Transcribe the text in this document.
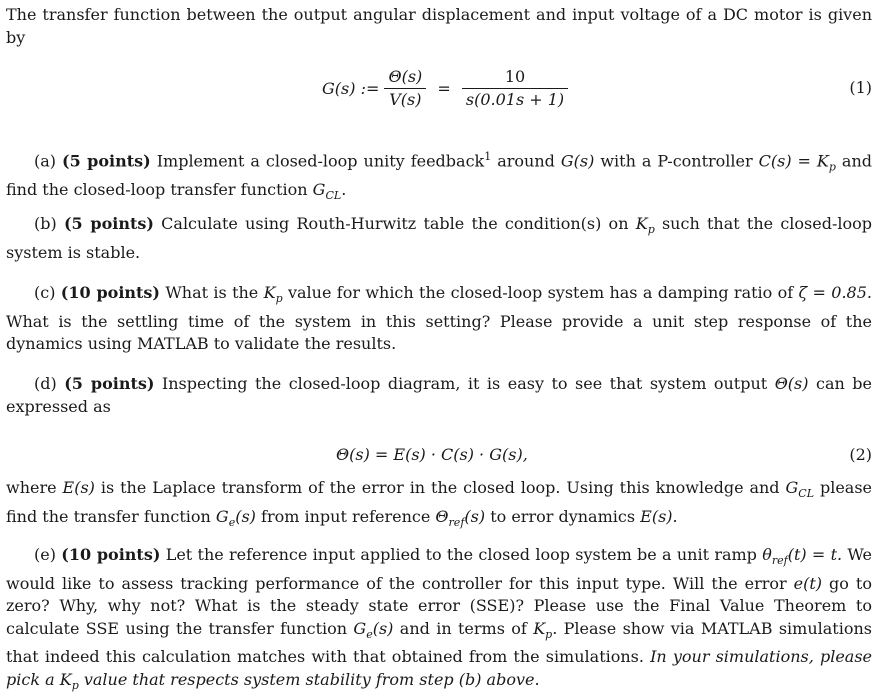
The transfer function between the output angular displacement and input voltage of a DC motor is given by

G(s) := $\frac{\Theta(s)}{V(s)} = \frac{10}{s(0.01s + 1)}$	(1)

(a) (5 points) Implement a closed-loop unity feedback$^1$ around G(s) with a P-controller $C(s) = K_p$ and find the closed-loop transfer function $G_{CL}$.

(b) (5 points) Calculate using Routh-Hurwitz table the condition(s) on $K_p$ such that the closed-loop system is stable.

(c) (10 points) What is the $K_p$ value for which the closed-loop system has a damping ratio of ζ = 0.85. What is the settling time of the system in this setting? Please provide a unit step response of the dynamics using MATLAB to validate the results.

(d) (5 points) Inspecting the closed-loop diagram, it is easy to see that system output Θ(s) can be expressed as

Θ(s) = E(s) · C(s) · G(s),	(2)

where E(s) is the Laplace transform of the error in the closed loop. Using this knowledge and $G_{CL}$ please find the transfer function $G_e(s)$ from input reference $\Theta_{ref}(s)$ to error dynamics E(s).

(e) (10 points) Let the reference input applied to the closed loop system be a unit ramp $\theta_{ref}(t) = t$. We would like to assess tracking performance of the controller for this input type. Will the error e(t) go to zero? Why, why not? What is the steady state error (SSE)? Please use the Final Value Theorem to calculate SSE using the transfer function $G_e(s)$ and in terms of $K_p$. Please show via MATLAB simulations that indeed this calculation matches with that obtained from the simulations. In your simulations, please pick a $K_p$ value that respects system stability from step (b) above.
